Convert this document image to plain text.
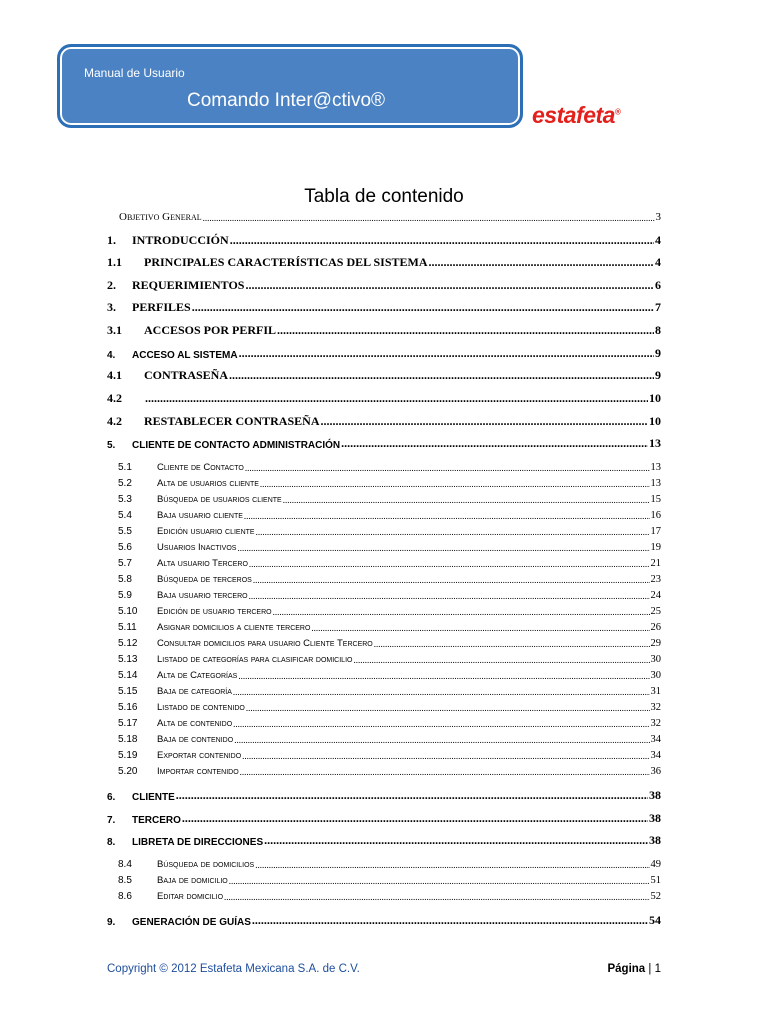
Manual de Usuario
Comando Inter@ctivo®
estafeta®
Tabla de contenido
Objetivo General .....	3
1.	INTRODUCCIÓN .....	4
1.1	PRINCIPALES CARACTERÍSTICAS DEL SISTEMA .....	4
2.	REQUERIMIENTOS .....	6
3.	PERFILES .....	7
3.1	ACCESOS POR PERFIL .....	8
4.	ACCESO AL SISTEMA .....	9
4.1	CONTRASEÑA .....	9
4.2 .....	10
4.2	RESTABLECER CONTRASEÑA .....	10
5.	CLIENTE DE CONTACTO ADMINISTRACIÓN .....	13
5.1	Cliente de Contacto .....	13
5.2	Alta de usuarios cliente .....	13
5.3	Búsqueda de usuarios cliente .....	15
5.4	Baja usuario cliente .....	16
5.5	Edición usuario cliente .....	17
5.6	Usuarios Inactivos .....	19
5.7	Alta usuario Tercero .....	21
5.8	Búsqueda de terceros .....	23
5.9	Baja usuario tercero .....	24
5.10	Edición de usuario tercero .....	25
5.11	Asignar domicilios a cliente tercero .....	26
5.12	Consultar domicilios para usuario Cliente Tercero .....	29
5.13	Listado de categorías para clasificar domicilio .....	30
5.14	Alta de Categorías .....	30
5.15	Baja de categoría .....	31
5.16	Listado de contenido .....	32
5.17	Alta de contenido .....	32
5.18	Baja de contenido .....	34
5.19	Exportar contenido .....	34
5.20	Importar contenido .....	36
6.	CLIENTE .....	38
7.	TERCERO .....	38
8.	LIBRETA DE DIRECCIONES .....	38
8.4	Búsqueda de domicilios .....	49
8.5	Baja de domicilio .....	51
8.6	Editar domicilio .....	52
9.	GENERACIÓN DE GUÍAS .....	54
Copyright © 2012 Estafeta Mexicana S.A. de C.V.	Página | 1
